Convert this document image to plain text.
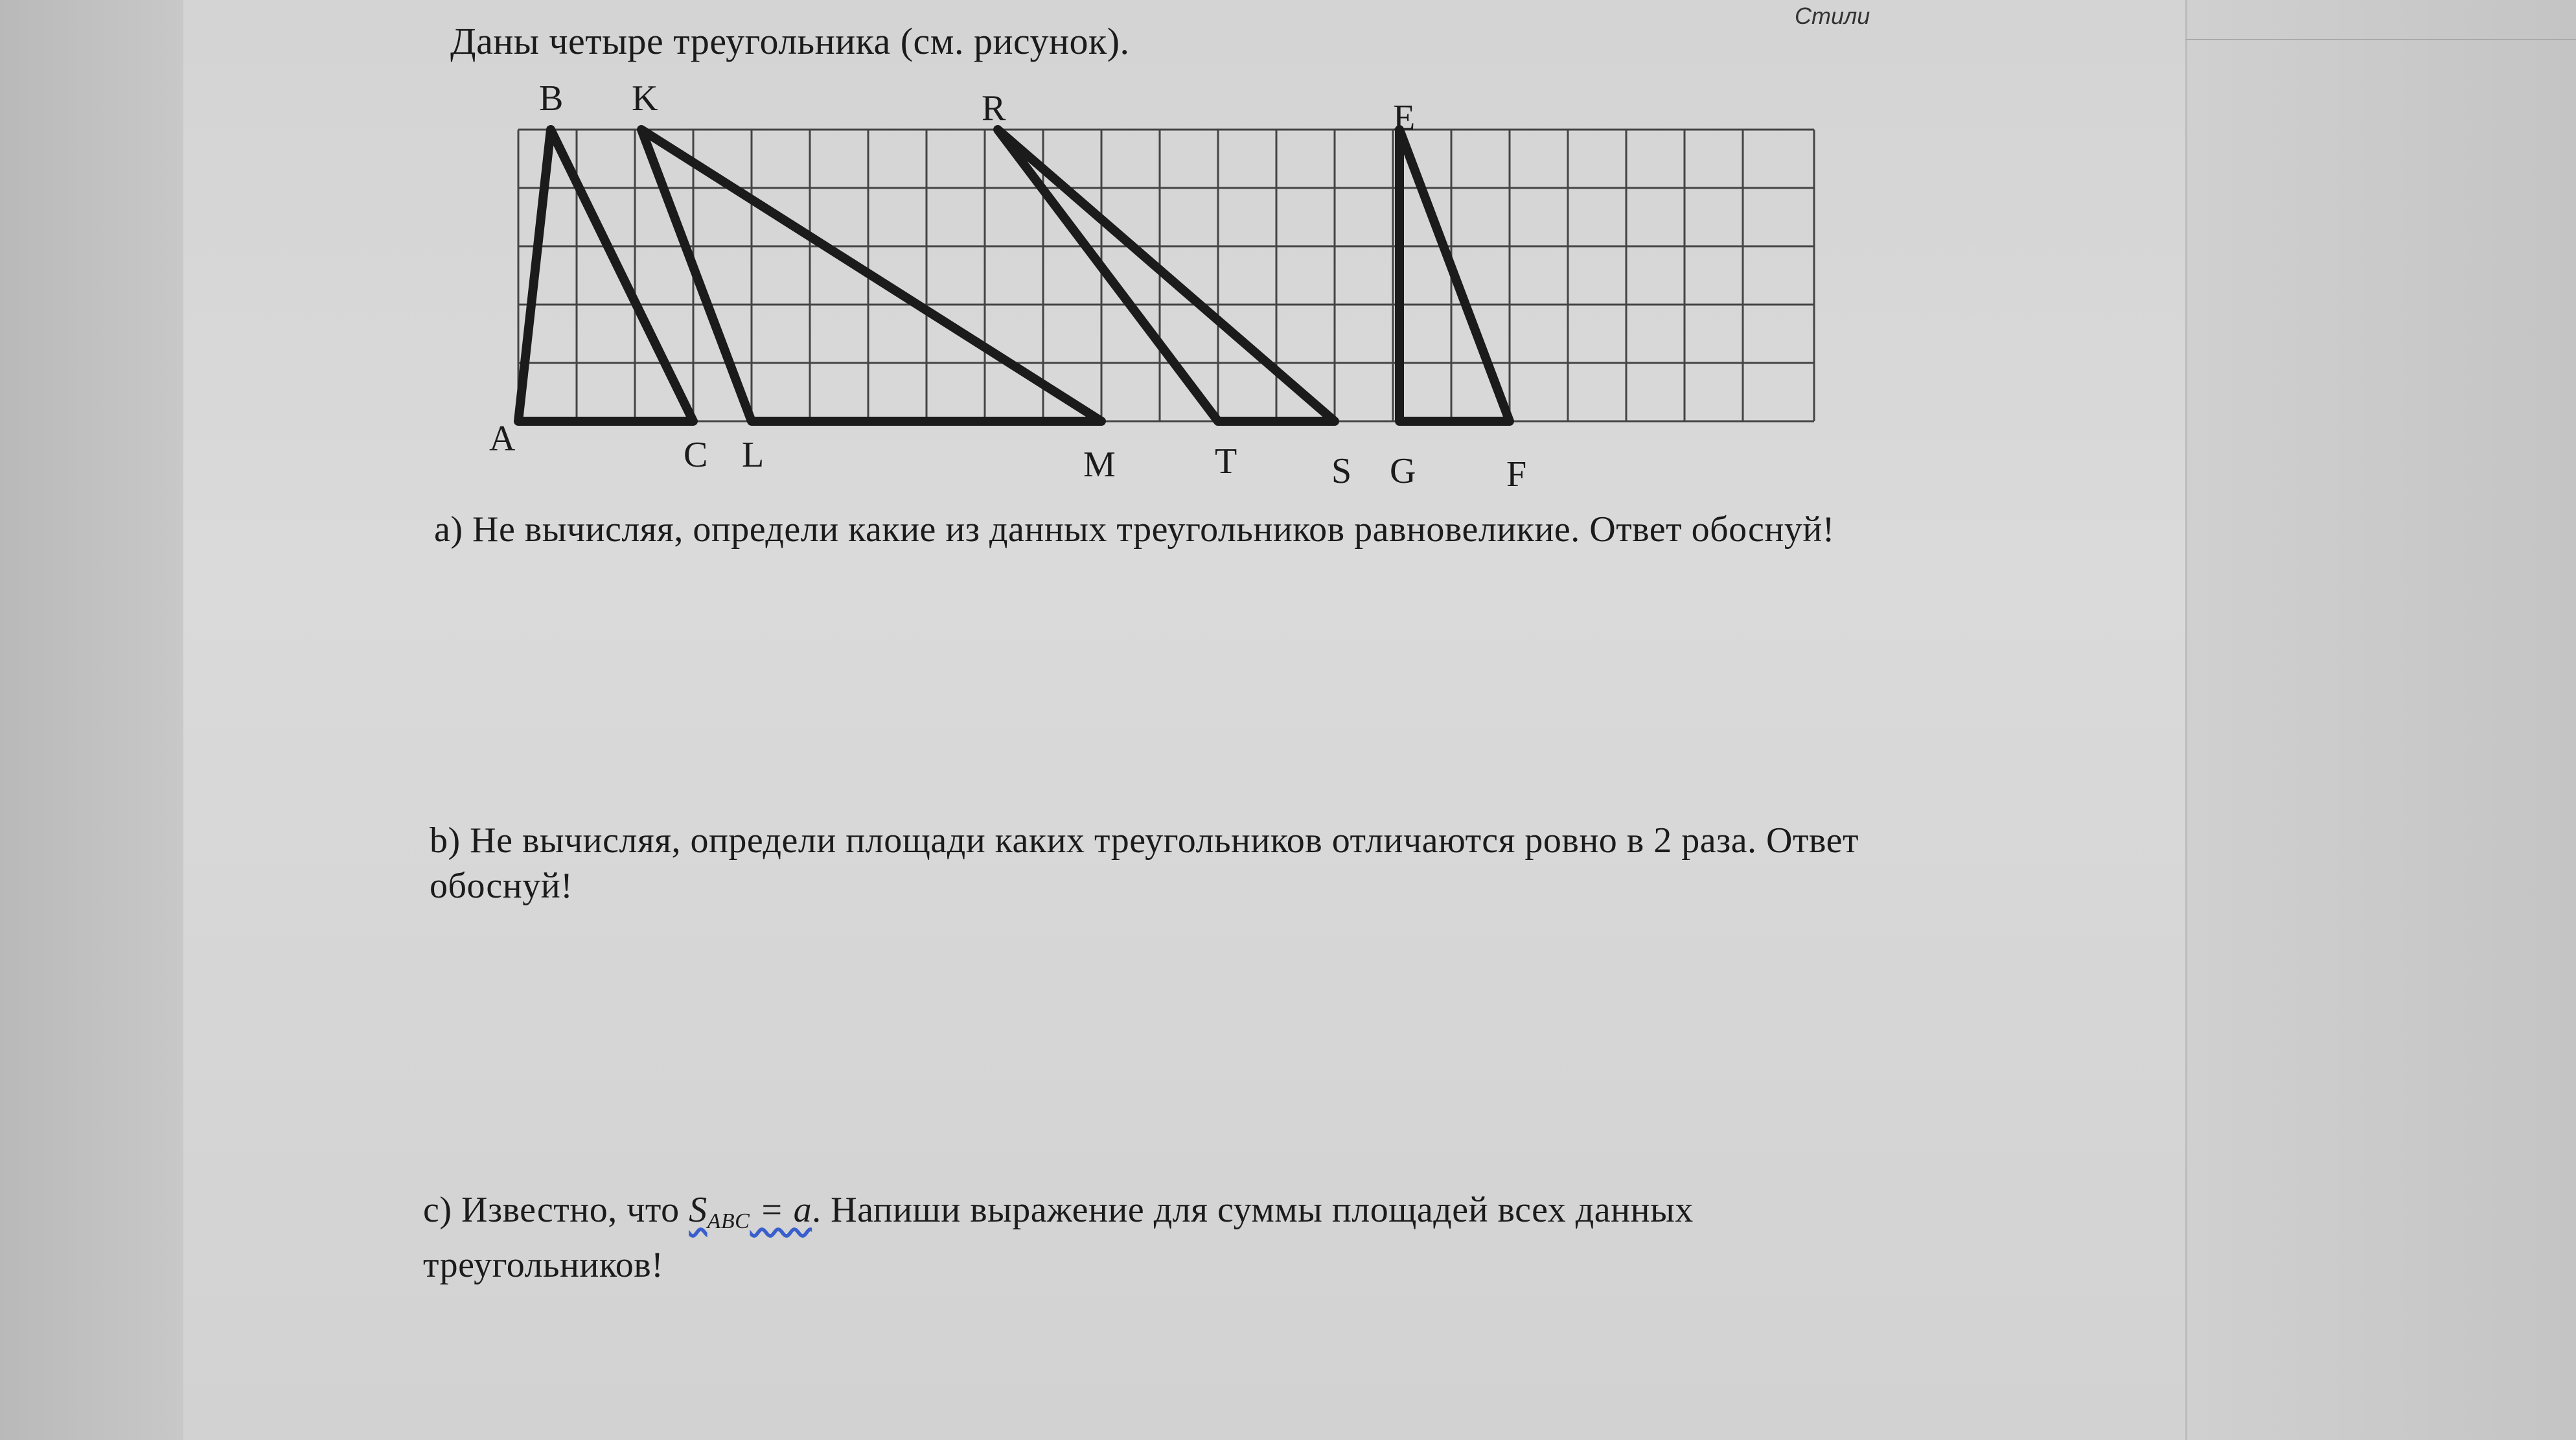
Стили
Даны четыре треугольника (см. рисунок).
B K	R	E
A	C L	M	T	S G F
a) Не вычисляя, определи какие из данных треугольников равновеликие. Ответ обоснуй!
b) Не вычисляя, определи площади каких треугольников отличаются ровно в 2 раза. Ответ
обоснуй!
c) Известно, что $S_{ABC} = a$. Напиши выражение для суммы площадей всех данных
треугольников!
